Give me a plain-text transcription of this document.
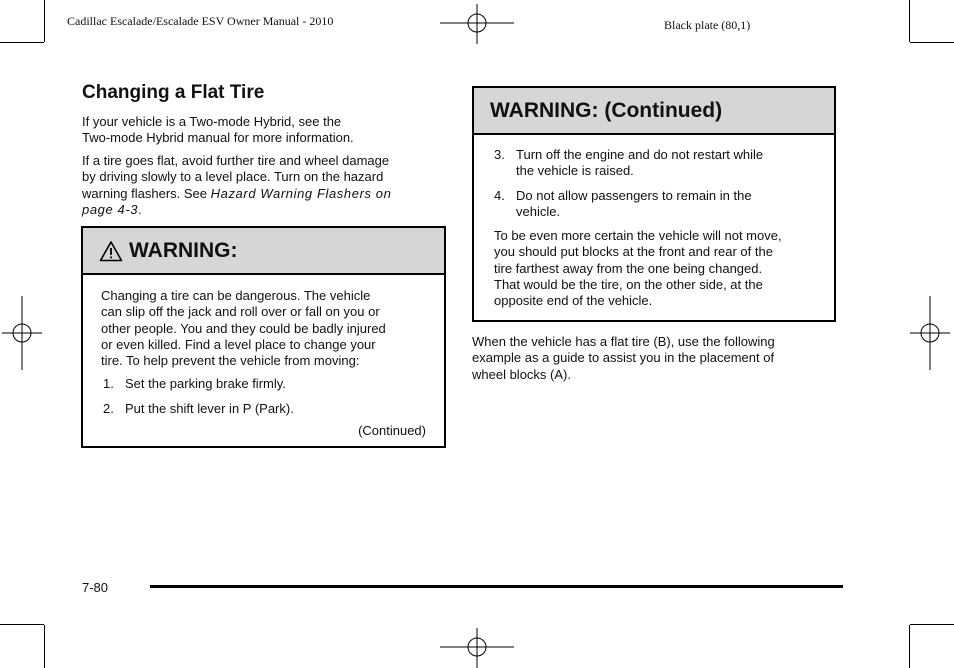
Cadillac Escalade/Escalade ESV Owner Manual - 2010	Black plate (80,1)
Changing a Flat Tire
If your vehicle is a Two-mode Hybrid, see the
Two-mode Hybrid manual for more information.
If a tire goes flat, avoid further tire and wheel damage
by driving slowly to a level place. Turn on the hazard
warning flashers. See Hazard Warning Flashers on
page 4-3.
WARNING:
Changing a tire can be dangerous. The vehicle
can slip off the jack and roll over or fall on you or
other people. You and they could be badly injured
or even killed. Find a level place to change your
tire. To help prevent the vehicle from moving:
1. Set the parking brake firmly.
2. Put the shift lever in P (Park).
(Continued)
WARNING: (Continued)
3. Turn off the engine and do not restart while
the vehicle is raised.
4. Do not allow passengers to remain in the
vehicle.
To be even more certain the vehicle will not move,
you should put blocks at the front and rear of the
tire farthest away from the one being changed.
That would be the tire, on the other side, at the
opposite end of the vehicle.
When the vehicle has a flat tire (B), use the following
example as a guide to assist you in the placement of
wheel blocks (A).
7-80
